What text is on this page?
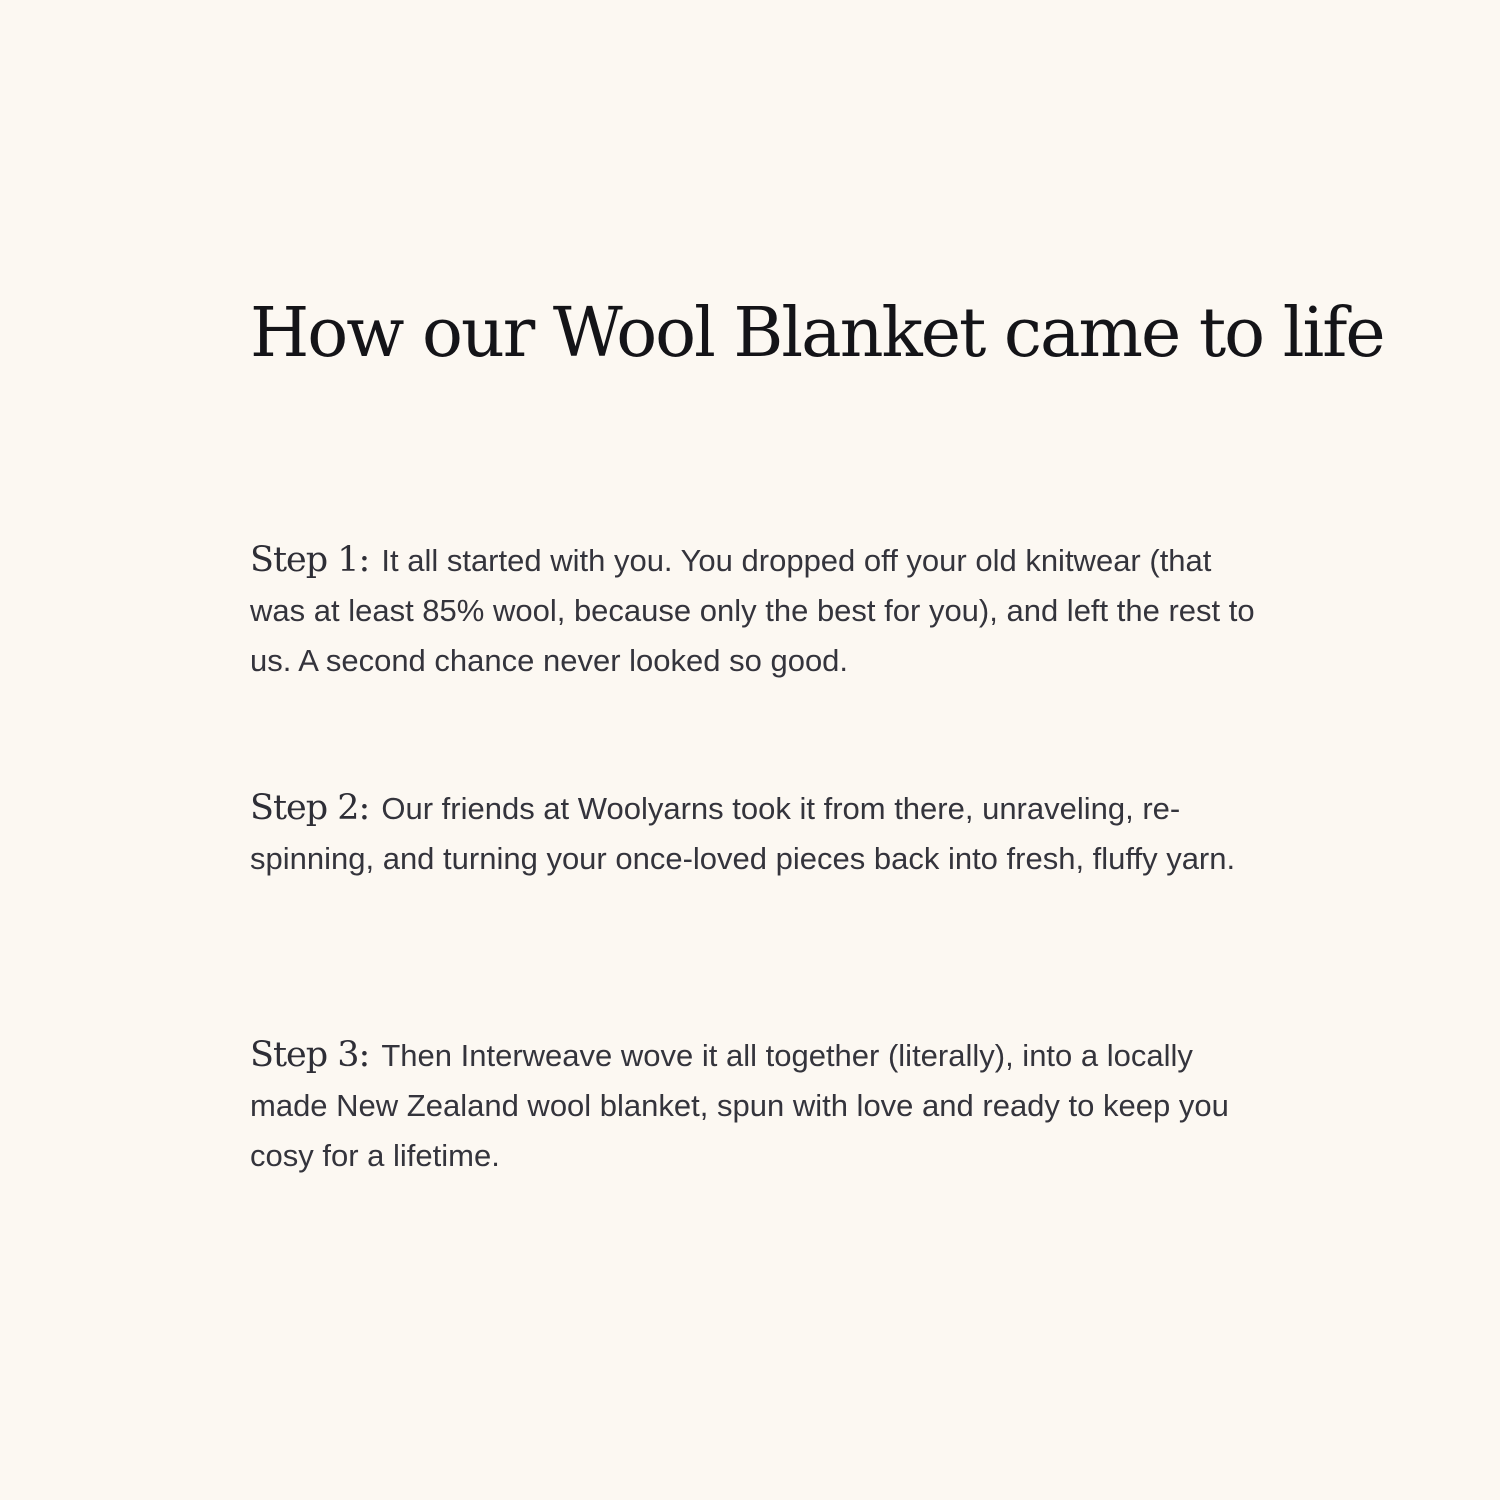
How our Wool Blanket came to life

Step 1: It all started with you. You dropped off your old knitwear (that was at least 85% wool, because only the best for you), and left the rest to us. A second chance never looked so good.

Step 2: Our friends at Woolyarns took it from there, unraveling, re-spinning, and turning your once-loved pieces back into fresh, fluffy yarn.

Step 3: Then Interweave wove it all together (literally), into a locally made New Zealand wool blanket, spun with love and ready to keep you cosy for a lifetime.
